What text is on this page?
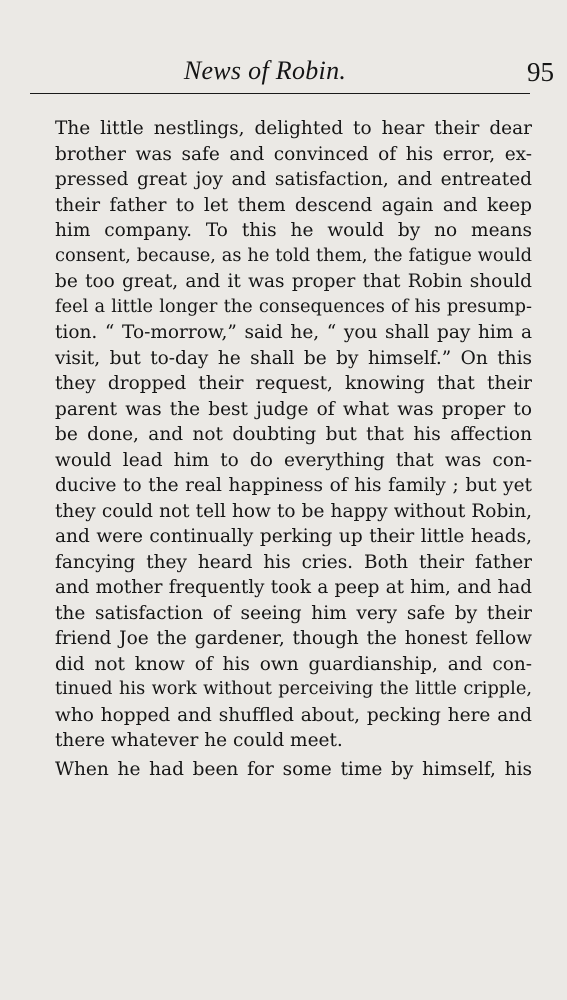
News of Robin.	95
The little nestlings, delighted to hear their dear
brother was safe and convinced of his error, ex-
pressed great joy and satisfaction, and entreated
their father to let them descend again and keep
him company. To this he would by no means
consent, because, as he told them, the fatigue would
be too great, and it was proper that Robin should
feel a little longer the consequences of his presump-
tion. “ To-morrow,” said he, “ you shall pay him a
visit, but to-day he shall be by himself.” On this
they dropped their request, knowing that their
parent was the best judge of what was proper to
be done, and not doubting but that his affection
would lead him to do everything that was con-
ducive to the real happiness of his family ; but yet
they could not tell how to be happy without Robin,
and were continually perking up their little heads,
fancying they heard his cries. Both their father
and mother frequently took a peep at him, and had
the satisfaction of seeing him very safe by their
friend Joe the gardener, though the honest fellow
did not know of his own guardianship, and con-
tinued his work without perceiving the little cripple,
who hopped and shuffled about, pecking here and
there whatever he could meet.
When he had been for some time by himself, his
